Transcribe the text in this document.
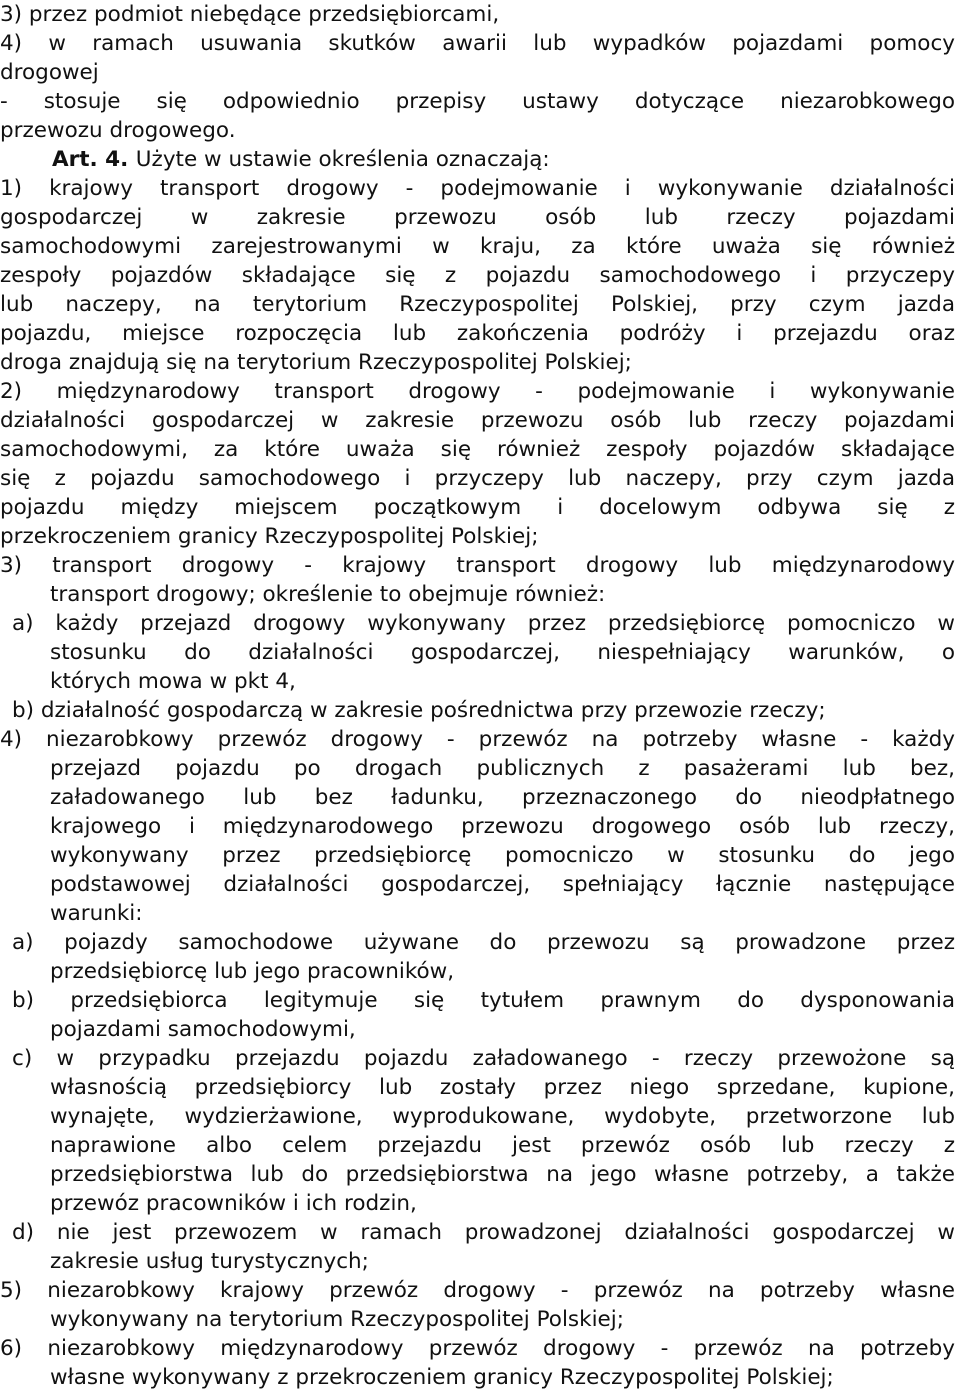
3) przez podmiot niebędące przedsiębiorcami,
4) w ramach usuwania skutków awarii lub wypadków pojazdami pomocy
drogowej
- stosuje się odpowiednio przepisy ustawy dotyczące niezarobkowego
przewozu drogowego.
Art. 4. Użyte w ustawie określenia oznaczają:
1) krajowy transport drogowy - podejmowanie i wykonywanie działalności
gospodarczej w zakresie przewozu osób lub rzeczy pojazdami
samochodowymi zarejestrowanymi w kraju, za które uważa się również
zespoły pojazdów składające się z pojazdu samochodowego i przyczepy
lub naczepy, na terytorium Rzeczypospolitej Polskiej, przy czym jazda
pojazdu, miejsce rozpoczęcia lub zakończenia podróży i przejazdu oraz
droga znajdują się na terytorium Rzeczypospolitej Polskiej;
2) międzynarodowy transport drogowy - podejmowanie i wykonywanie
działalności gospodarczej w zakresie przewozu osób lub rzeczy pojazdami
samochodowymi, za które uważa się również zespoły pojazdów składające
się z pojazdu samochodowego i przyczepy lub naczepy, przy czym jazda
pojazdu między miejscem początkowym i docelowym odbywa się z
przekroczeniem granicy Rzeczypospolitej Polskiej;
3) transport drogowy - krajowy transport drogowy lub międzynarodowy
transport drogowy; określenie to obejmuje również:
a) każdy przejazd drogowy wykonywany przez przedsiębiorcę pomocniczo w
stosunku do działalności gospodarczej, niespełniający warunków, o
których mowa w pkt 4,
b) działalność gospodarczą w zakresie pośrednictwa przy przewozie rzeczy;
4) niezarobkowy przewóz drogowy - przewóz na potrzeby własne - każdy
przejazd pojazdu po drogach publicznych z pasażerami lub bez,
załadowanego lub bez ładunku, przeznaczonego do nieodpłatnego
krajowego i międzynarodowego przewozu drogowego osób lub rzeczy,
wykonywany przez przedsiębiorcę pomocniczo w stosunku do jego
podstawowej działalności gospodarczej, spełniający łącznie następujące
warunki:
a) pojazdy samochodowe używane do przewozu są prowadzone przez
przedsiębiorcę lub jego pracowników,
b) przedsiębiorca legitymuje się tytułem prawnym do dysponowania
pojazdami samochodowymi,
c) w przypadku przejazdu pojazdu załadowanego - rzeczy przewożone są
własnością przedsiębiorcy lub zostały przez niego sprzedane, kupione,
wynajęte, wydzierżawione, wyprodukowane, wydobyte, przetworzone lub
naprawione albo celem przejazdu jest przewóz osób lub rzeczy z
przedsiębiorstwa lub do przedsiębiorstwa na jego własne potrzeby, a także
przewóz pracowników i ich rodzin,
d) nie jest przewozem w ramach prowadzonej działalności gospodarczej w
zakresie usług turystycznych;
5) niezarobkowy krajowy przewóz drogowy - przewóz na potrzeby własne
wykonywany na terytorium Rzeczypospolitej Polskiej;
6) niezarobkowy międzynarodowy przewóz drogowy - przewóz na potrzeby
własne wykonywany z przekroczeniem granicy Rzeczypospolitej Polskiej;
